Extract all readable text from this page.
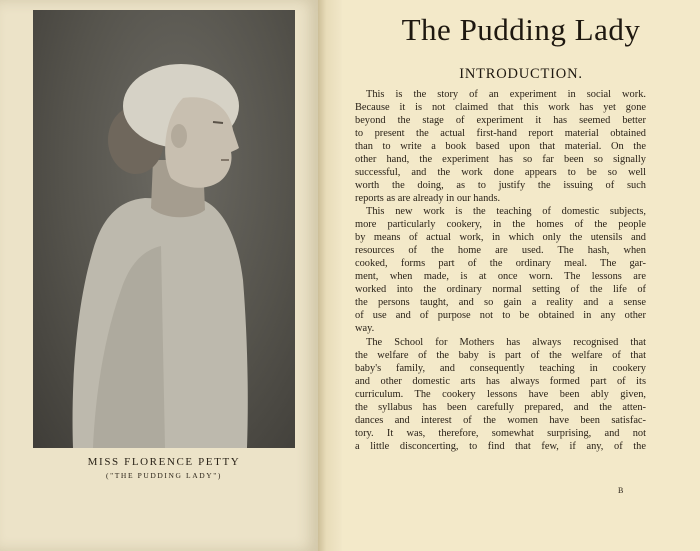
MISS FLORENCE PETTY
("THE PUDDING LADY")
The Pudding Lady
INTRODUCTION.
This is the story of an experiment in social work.
Because it is not claimed that this work has yet gone
beyond the stage of experiment it has seemed better
to present the actual first-hand report material obtained
than to write a book based upon that material. On the
other hand, the experiment has so far been so signally
successful, and the work done appears to be so well
worth the doing, as to justify the issuing of such
reports as are already in our hands.
This new work is the teaching of domestic subjects,
more particularly cookery, in the homes of the people
by means of actual work, in which only the utensils and
resources of the home are used. The hash, when
cooked, forms part of the ordinary meal. The gar-
ment, when made, is at once worn. The lessons are
worked into the ordinary normal setting of the life of
the persons taught, and so gain a reality and a sense
of use and of purpose not to be obtained in any other
way.
The School for Mothers has always recognised that
the welfare of the baby is part of the welfare of that
baby's family, and consequently teaching in cookery
and other domestic arts has always formed part of its
curriculum. The cookery lessons have been ably given,
the syllabus has been carefully prepared, and the atten-
dances and interest of the women have been satisfac-
tory. It was, therefore, somewhat surprising, and not
a little disconcerting, to find that few, if any, of the
B
